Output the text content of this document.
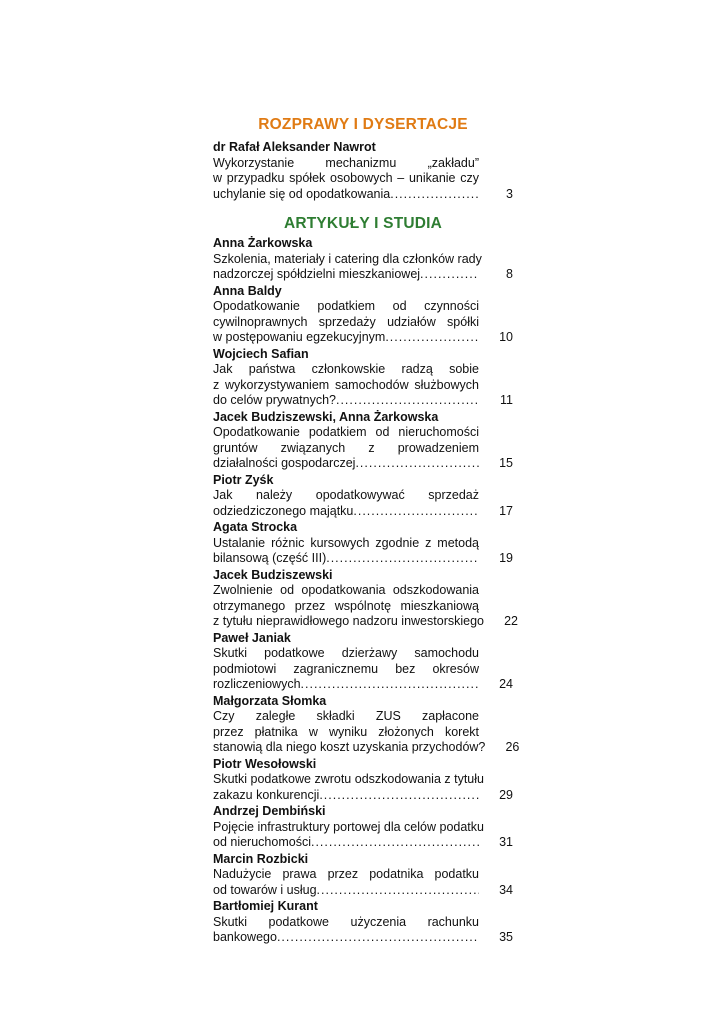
ROZPRAWY I DYSERTACJE
dr Rafał Aleksander Nawrot
Wykorzystanie mechanizmu „zakładu”
w przypadku spółek osobowych – unikanie czy
uchylanie się od opodatkowania .....	3
ARTYKUŁY I STUDIA
Anna Żarkowska
Szkolenia, materiały i catering dla członków rady
nadzorczej spółdzielni mieszkaniowej .....	8
Anna Baldy
Opodatkowanie podatkiem od czynności
cywilnoprawnych sprzedaży udziałów spółki
w postępowaniu egzekucyjnym .....	10
Wojciech Safian
Jak państwa członkowskie radzą sobie
z wykorzystywaniem samochodów służbowych
do celów prywatnych? .....	11
Jacek Budziszewski, Anna Żarkowska
Opodatkowanie podatkiem od nieruchomości
gruntów związanych z prowadzeniem
działalności gospodarczej .....	15
Piotr Zyśk
Jak należy opodatkowywać sprzedaż
odziedziczonego majątku .....	17
Agata Strocka
Ustalanie różnic kursowych zgodnie z metodą
bilansową (część III) .....	19
Jacek Budziszewski
Zwolnienie od opodatkowania odszkodowania
otrzymanego przez wspólnotę mieszkaniową
z tytułu nieprawidłowego nadzoru inwestorskiego	22
Paweł Janiak
Skutki podatkowe dzierżawy samochodu
podmiotowi zagranicznemu bez okresów
rozliczeniowych .....	24
Małgorzata Słomka
Czy zaległe składki ZUS zapłacone
przez płatnika w wyniku złożonych korekt
stanowią dla niego koszt uzyskania przychodów?	26
Piotr Wesołowski
Skutki podatkowe zwrotu odszkodowania z tytułu
zakazu konkurencji .....	29
Andrzej Dembiński
Pojęcie infrastruktury portowej dla celów podatku
od nieruchomości .....	31
Marcin Rozbicki
Nadużycie prawa przez podatnika podatku
od towarów i usług .....	34
Bartłomiej Kurant
Skutki podatkowe użyczenia rachunku
bankowego .....	35
